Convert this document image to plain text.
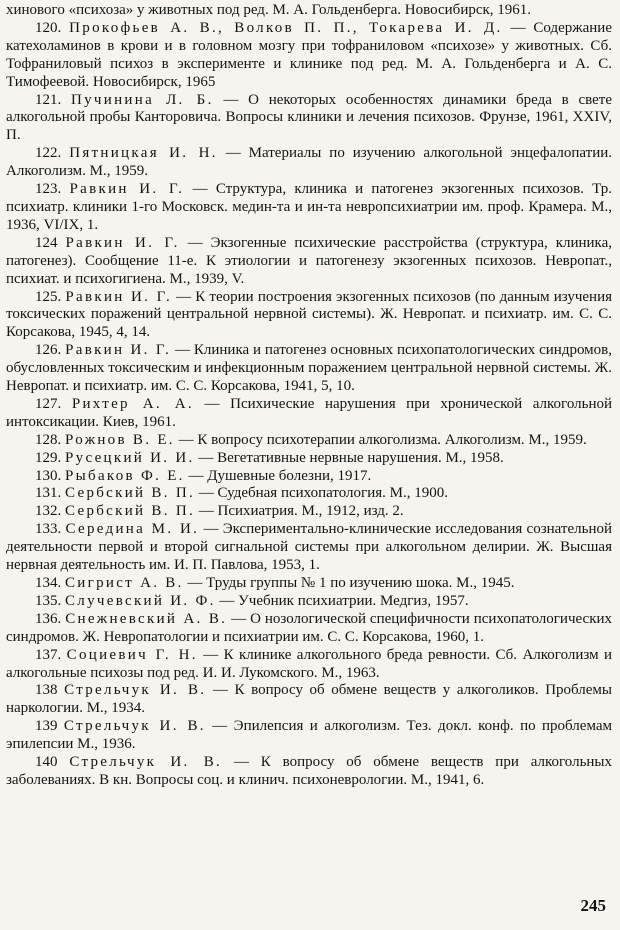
хинового «психоза» у животных под ред. М. А. Гольденберга. Новосибирск, 1961.

120. Прокофьев А. В., Волков П. П., Токарева И. Д. — Содержание катехоламинов в крови и в головном мозгу при тофраниловом «психозе» у животных. Сб. Тофраниловый психоз в эксперименте и клинике под ред. М. А. Гольденберга и А. С. Тимофеевой. Новосибирск, 1965

121. Пучинина Л. Б. — О некоторых особенностях динамики бреда в свете алкогольной пробы Канторовича. Вопросы клиники и лечения психозов. Фрунзе, 1961, XXIV, П.

122. Пятницкая И. Н. — Материалы по изучению алкогольной энцефалопатии. Алкоголизм. М., 1959.

123. Равкин И. Г. — Структура, клиника и патогенез экзогенных психозов. Тр. психиатр. клиники 1-го Московск. медин-та и ин-та невропсихиатрии им. проф. Крамера. М., 1936, VI/IX, 1.

124 Равкин И. Г. — Экзогенные психические расстройства (структура, клиника, патогенез). Сообщение 11-е. К этиологии и патогенезу экзогенных психозов. Невропат., психиат. и психогигиена. М., 1939, V.

125. Равкин И. Г. — К теории построения экзогенных психозов (по данным изучения токсических поражений центральной нервной системы). Ж. Невропат. и психиатр. им. С. С. Корсакова, 1945, 4, 14.

126. Равкин И. Г. — Клиника и патогенез основных психопатологических синдромов, обусловленных токсическим и инфекционным поражением центральной нервной системы. Ж. Невропат. и психиатр. им. С. С. Корсакова, 1941, 5, 10.

127. Рихтер А. А. — Психические нарушения при хронической алкогольной интоксикации. Киев, 1961.

128. Рожнов В. Е. — К вопросу психотерапии алкоголизма. Алкоголизм. М., 1959.

129. Русецкий И. И. — Вегетативные нервные нарушения. М., 1958.

130. Рыбаков Ф. Е. — Душевные болезни, 1917.

131. Сербский В. П. — Судебная психопатология. М., 1900.

132. Сербский В. П. — Психиатрия. М., 1912, изд. 2.

133. Середина М. И. — Экспериментально-клинические исследования сознательной деятельности первой и второй сигнальной системы при алкогольном делирии. Ж. Высшая нервная деятельность им. И. П. Павлова, 1953, 1.

134. Сигрист А. В. — Труды группы № 1 по изучению шока. М., 1945.

135. Случевский И. Ф. — Учебник психиатрии. Медгиз, 1957.

136. Снежневский А. В. — О нозологической специфичности психопатологических синдромов. Ж. Невропатологии и психиатрии им. С. С. Корсакова, 1960, 1.

137. Социевич Г. Н. — К клинике алкогольного бреда ревности. Сб. Алкоголизм и алкогольные психозы под ред. И. И. Лукомского. М., 1963.

138 Стрельчук И. В. — К вопросу об обмене веществ у алкоголиков. Проблемы наркологии. М., 1934.

139 Стрельчук И. В. — Эпилепсия и алкоголизм. Тез. докл. конф. по проблемам эпилепсии М., 1936.

140 Стрельчук И. В. — К вопросу об обмене веществ при алкогольных заболеваниях. В кн. Вопросы соц. и клинич. психоневрологии. М., 1941, 6.

245
